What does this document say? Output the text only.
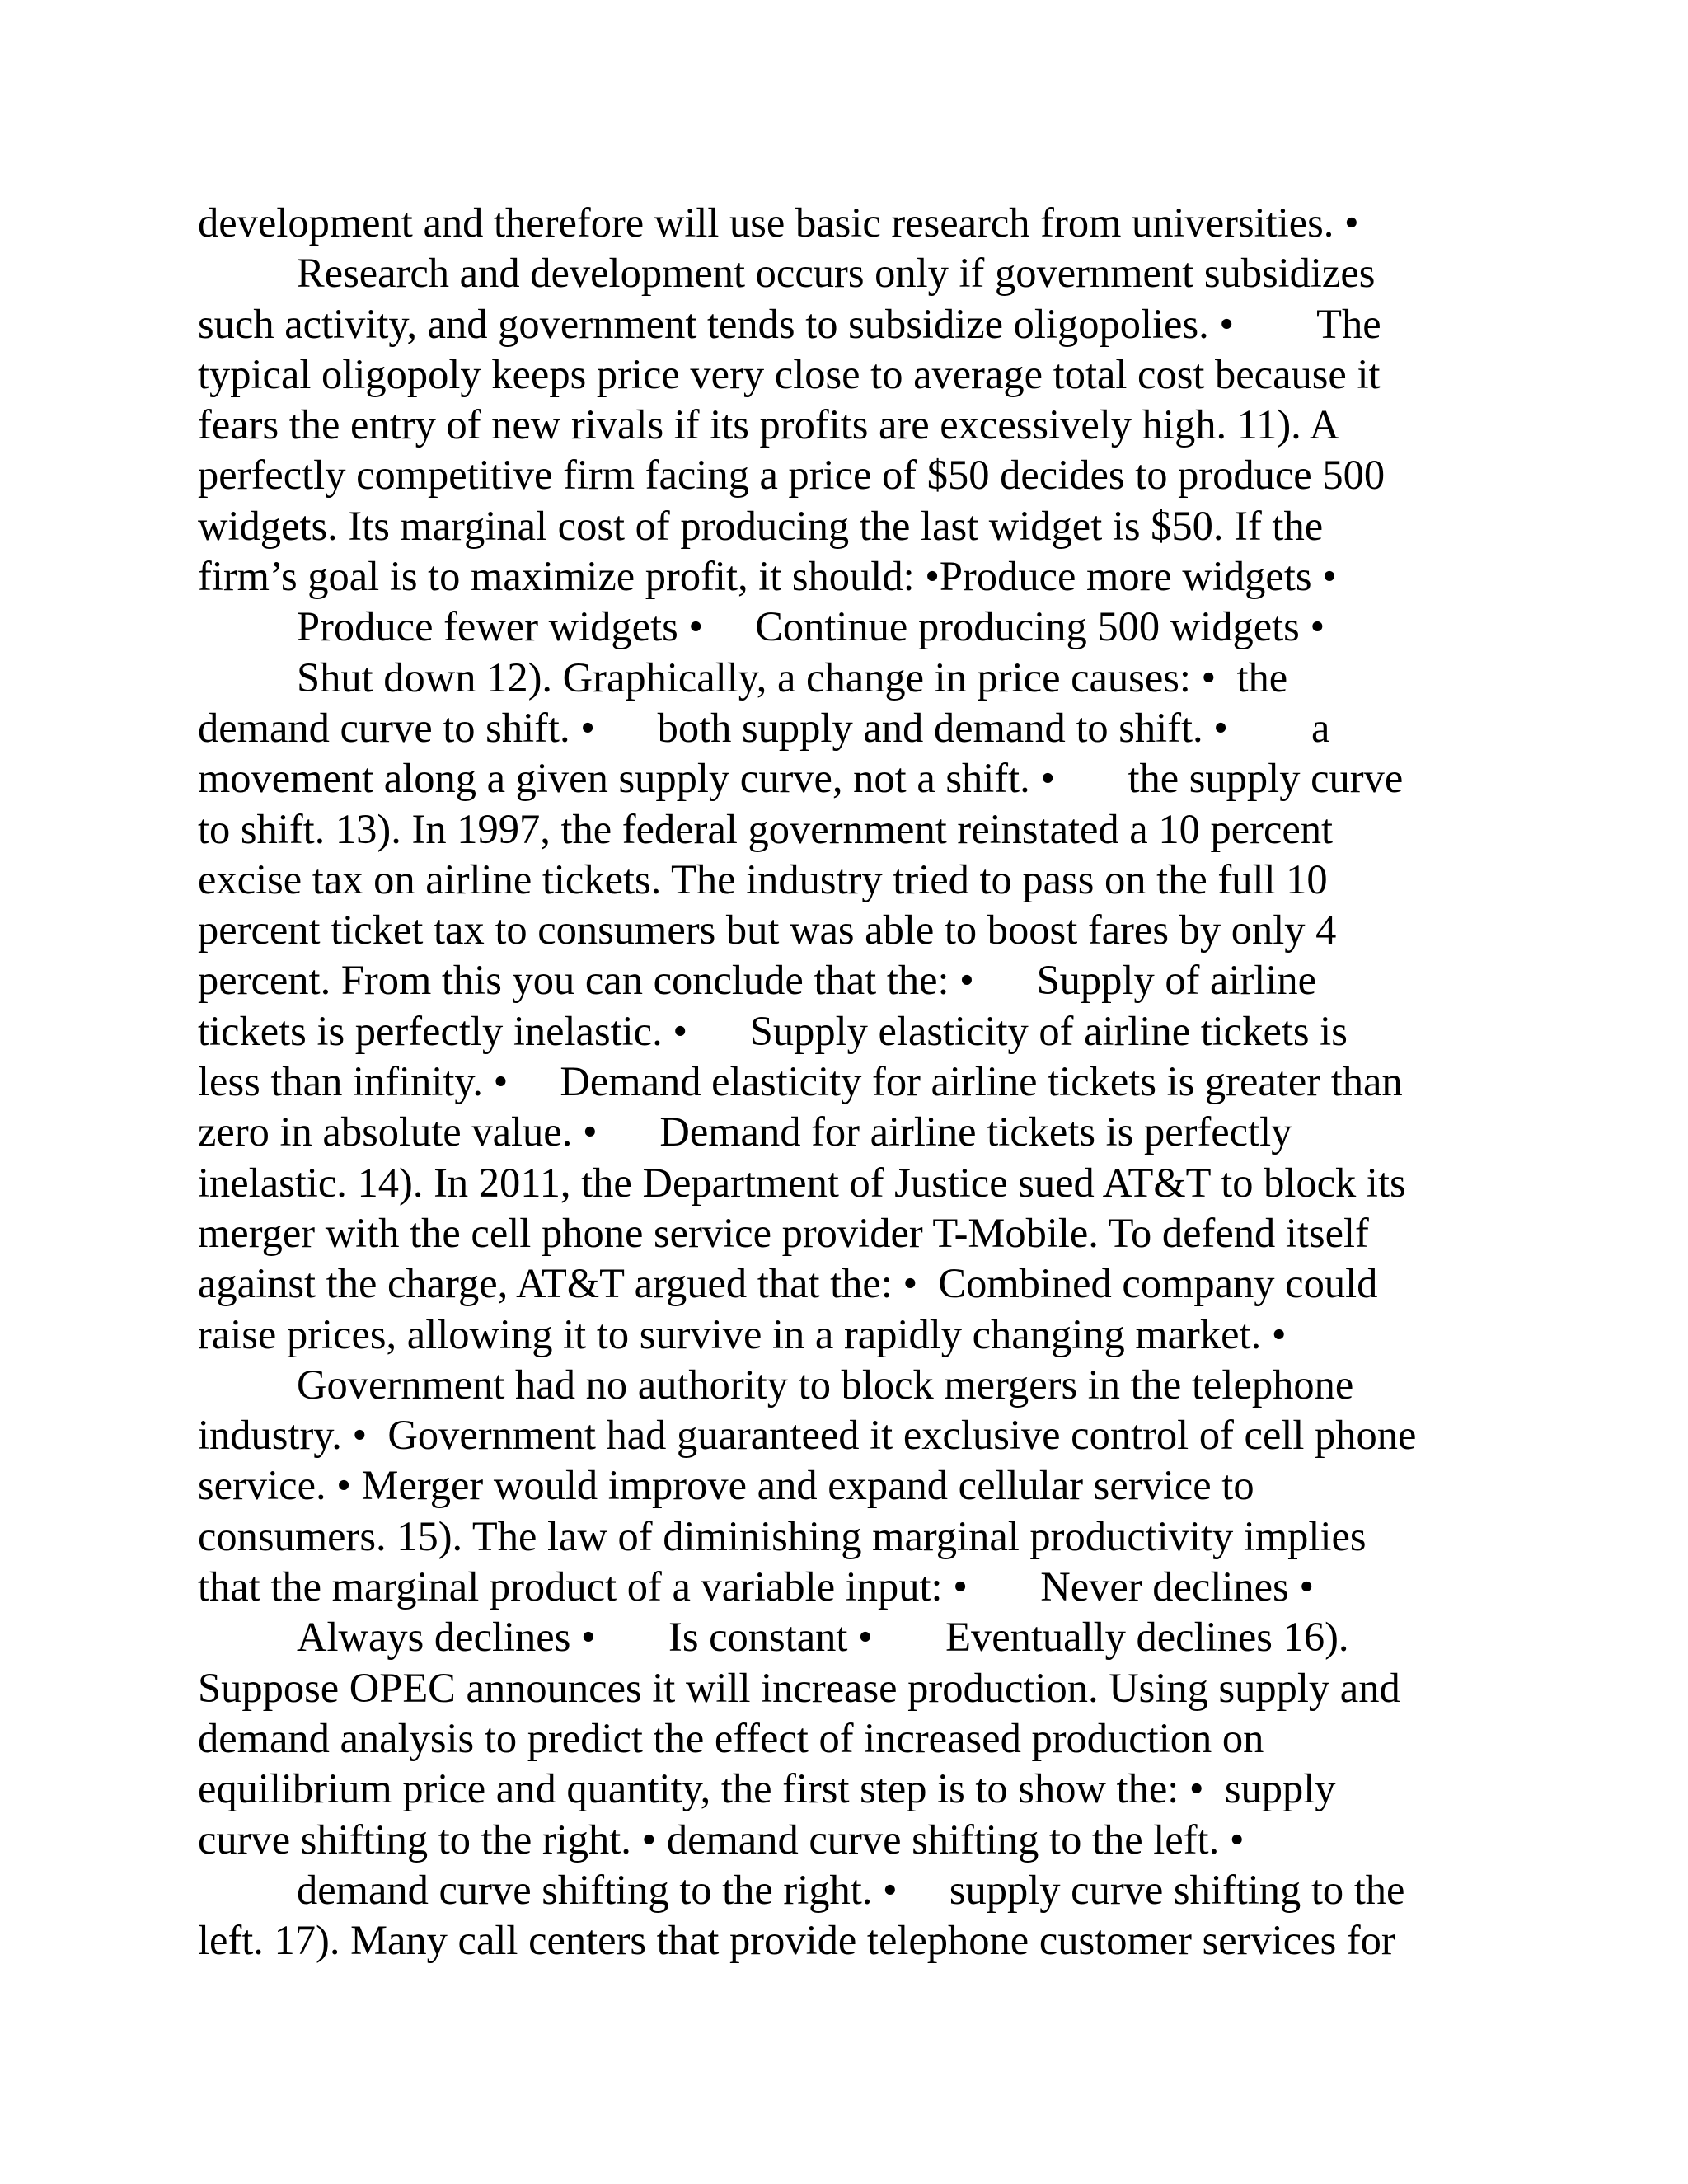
development and therefore will use basic research from universities. •
Research and development occurs only if government subsidizes
such activity, and government tends to subsidize oligopolies. •        The
typical oligopoly keeps price very close to average total cost because it
fears the entry of new rivals if its profits are excessively high. 11). A
perfectly competitive firm facing a price of $50 decides to produce 500
widgets. Its marginal cost of producing the last widget is $50. If the
firm’s goal is to maximize profit, it should: •Produce more widgets •
Produce fewer widgets •     Continue producing 500 widgets •
Shut down 12). Graphically, a change in price causes: •  the
demand curve to shift. •      both supply and demand to shift. •        a
movement along a given supply curve, not a shift. •       the supply curve
to shift. 13). In 1997, the federal government reinstated a 10 percent
excise tax on airline tickets. The industry tried to pass on the full 10
percent ticket tax to consumers but was able to boost fares by only 4
percent. From this you can conclude that the: •      Supply of airline
tickets is perfectly inelastic. •      Supply elasticity of airline tickets is
less than infinity. •     Demand elasticity for airline tickets is greater than
zero in absolute value. •      Demand for airline tickets is perfectly
inelastic. 14). In 2011, the Department of Justice sued AT&T to block its
merger with the cell phone service provider T-Mobile. To defend itself
against the charge, AT&T argued that the: •  Combined company could
raise prices, allowing it to survive in a rapidly changing market. •
Government had no authority to block mergers in the telephone
industry. •  Government had guaranteed it exclusive control of cell phone
service. • Merger would improve and expand cellular service to
consumers. 15). The law of diminishing marginal productivity implies
that the marginal product of a variable input: •       Never declines •
Always declines •       Is constant •       Eventually declines 16).
Suppose OPEC announces it will increase production. Using supply and
demand analysis to predict the effect of increased production on
equilibrium price and quantity, the first step is to show the: •  supply
curve shifting to the right. • demand curve shifting to the left. •
demand curve shifting to the right. •     supply curve shifting to the
left. 17). Many call centers that provide telephone customer services for
